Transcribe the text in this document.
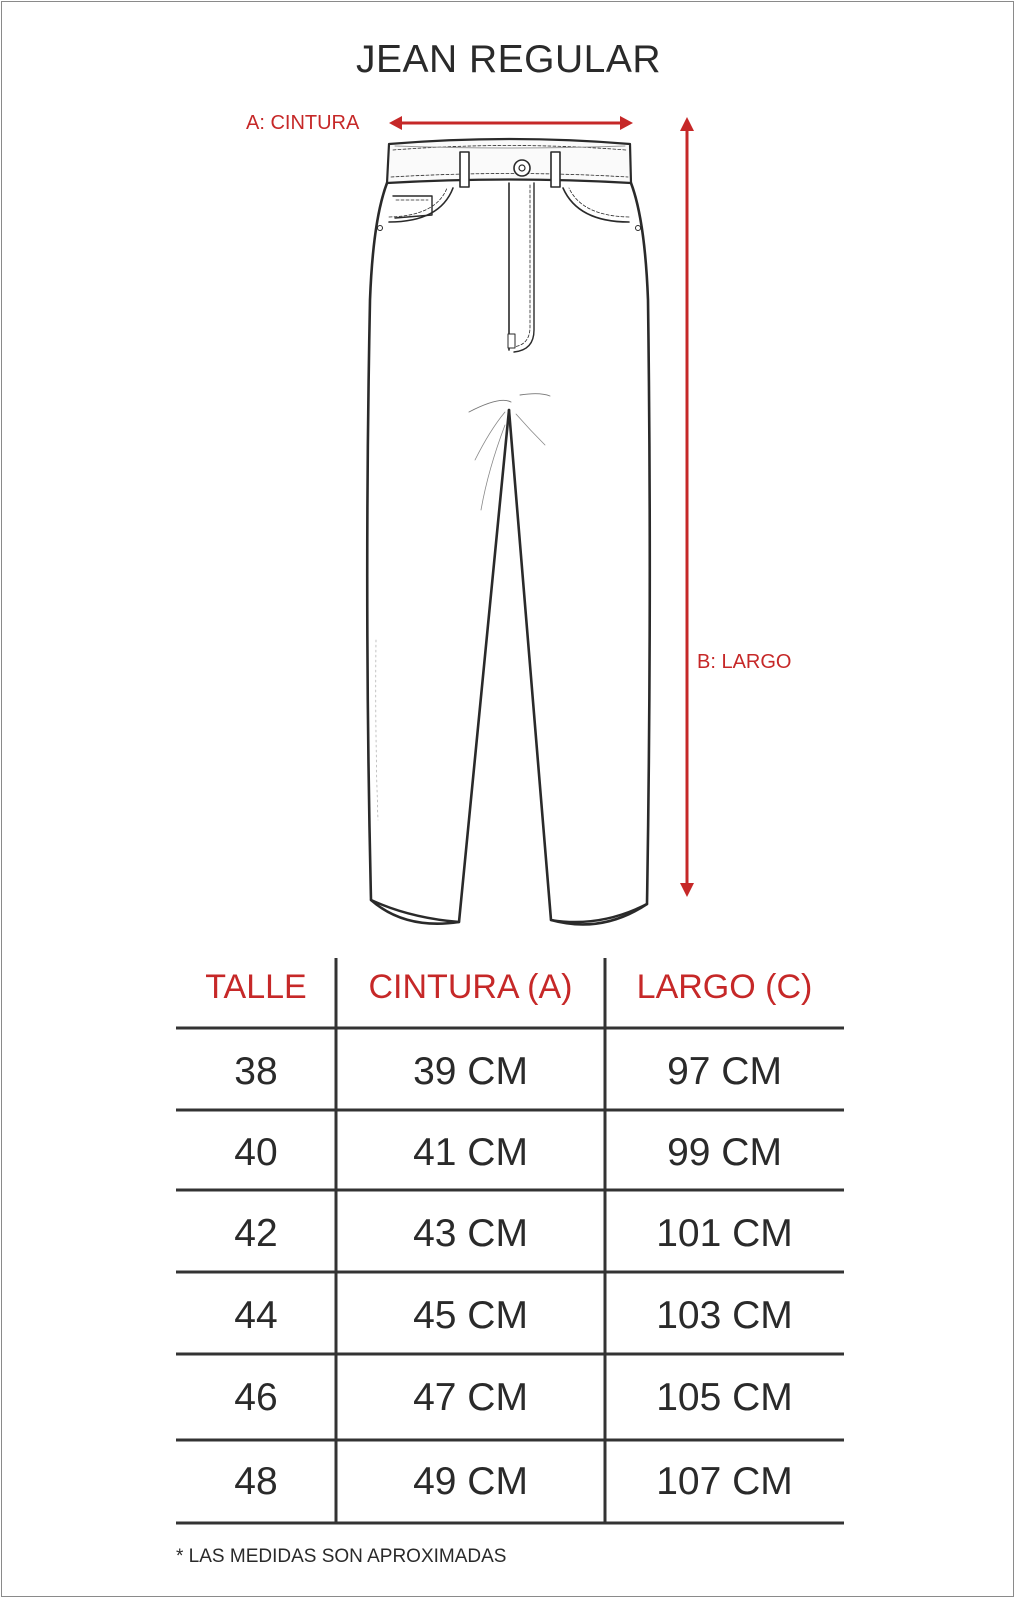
JEAN REGULAR
A: CINTURA
B: LARGO
TALLE	CINTURA (A)	LARGO (C)
38	39 CM	97 CM
40	41 CM	99 CM
42	43 CM	101 CM
44	45 CM	103 CM
46	47 CM	105 CM
48	49 CM	107 CM
* LAS MEDIDAS SON APROXIMADAS
